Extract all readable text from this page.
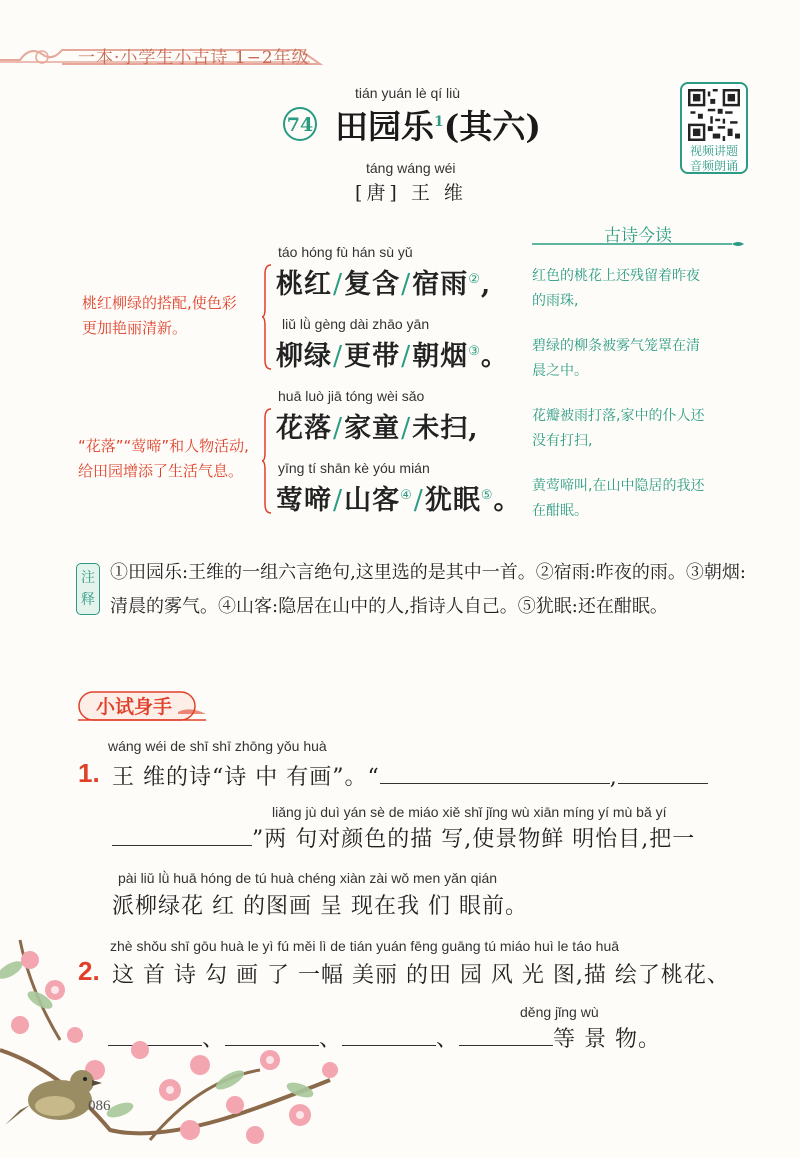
一本·小学生小古诗 1−2年级
tián yuán lè qí liù
74 田园乐$^1$(其六)
táng wáng wéi
[唐] 王 维
视频讲题
音频朗诵
táo hóng fù hán sù yǔ
桃红/复含/宿雨②,
liǔ lǜ gèng dài zhāo yān
柳绿/更带/朝烟③。
huā luò jiā tóng wèi sǎo
花落/家童/未扫,
yīng tí shān kè yóu mián
莺啼/山客④/犹眠⑤。
桃红柳绿的搭配,使色彩
更加艳丽清新。
“花落”“莺啼”和人物活动,
给田园增添了生活气息。
古诗今读
红色的桃花上还残留着昨夜
的雨珠,
碧绿的柳条被雾气笼罩在清
晨之中。
花瓣被雨打落,家中的仆人还
没有打扫,
黄莺啼叫,在山中隐居的我还
在酣眠。
注
释
①田园乐:王维的一组六言绝句,这里选的是其中一首。②宿雨:昨夜的雨。③朝烟:清晨的雾气。④山客:隐居在山中的人,指诗人自己。⑤犹眠:还在酣眠。
小试身手
wáng wéi de shī shī zhōng yǒu huà
1. 王 维的诗“诗 中 有画”。“	,
liǎng jù duì yán sè de miáo xiě shǐ jǐng wù xiān míng yí mù bǎ yí
”两 句对颜色的描 写,使景物鲜 明怡目,把一
pài liǔ lǜ huā hóng de tú huà chéng xiàn zài wǒ men yǎn qián
派柳绿花 红 的图画 呈 现在我 们 眼前。
zhè shǒu shī gōu huà le yì fú měi lì de tián yuán fēng guāng tú miáo huì le táo huā
2. 这 首 诗 勾 画 了 一幅 美丽 的田 园 风 光 图,描 绘了桃花、
děng jǐng wù
、	、	、	等 景 物。
086
